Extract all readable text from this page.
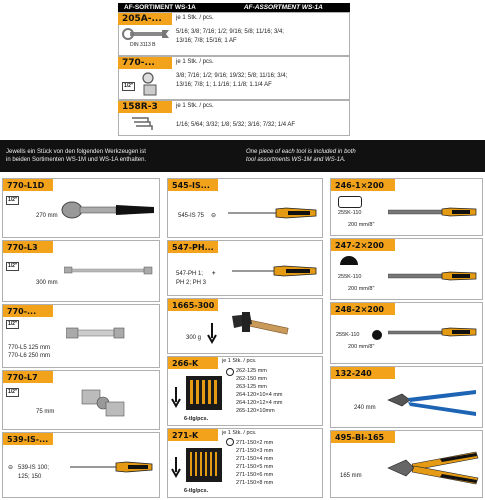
AF-SORTIMENT WS-1A	AF-ASSORTMENT WS-1A
205A-...
DIN 3113 B
je 1 Stk. / pcs.
5/16; 3/8; 7/16; 1/2; 9/16; 5/8; 11/16; 3/4;
13/16; 7/8; 15/16; 1 AF
770-...
1/2"
je 1 Stk. / pcs.
3/8; 7/16; 1/2; 9/16; 19/32; 5/8; 11/16; 3/4;
13/16; 7/8; 1; 1.1/16; 1.1/8; 1.1/4 AF
158R-3	je 1 Stk. / pcs.
1/16; 5/64; 3/32; 1/8; 5/32; 3/16; 7/32; 1/4 AF
Jewells ein Stück von den folgenden Werkzeugen ist
in beiden Sortimenten WS-1M und WS-1A enthalten.
One piece of each tool is included in both
tool assortments WS-1M and WS-1A.
770-L1D
1/2"
270 mm
770-L3
1/2"
300 mm
770-...
1/2"
770-L5 125 mm
770-L6 250 mm
770-L7
1/2"
75 mm
539-IS-...
⊖ 539-IS 100;
125; 150
545-IS...
545-IS 75 ⊖
547-PH...
547-PH 1; +
PH 2; PH 3
1665-300
300 g
266-K	je 1 Stk. / pcs.
6-tlg/pcs.
262-125 mm
262-150 mm
263-125 mm
264-120×10×4 mm
264-120×12×4 mm
265-120×10mm
271-K	je 1 Stk. / pcs.
6-tlg/pcs.
271-150×2 mm
271-150×3 mm
271-150×4 mm
271-150×5 mm
271-150×6 mm
271-150×8 mm
246-1×200
255K-110
200 mm/8"
247-2×200
255K-110
200 mm/8"
248-2×200
255K-110
200 mm/8"
132-240
240 mm
495-BI-165
165 mm
